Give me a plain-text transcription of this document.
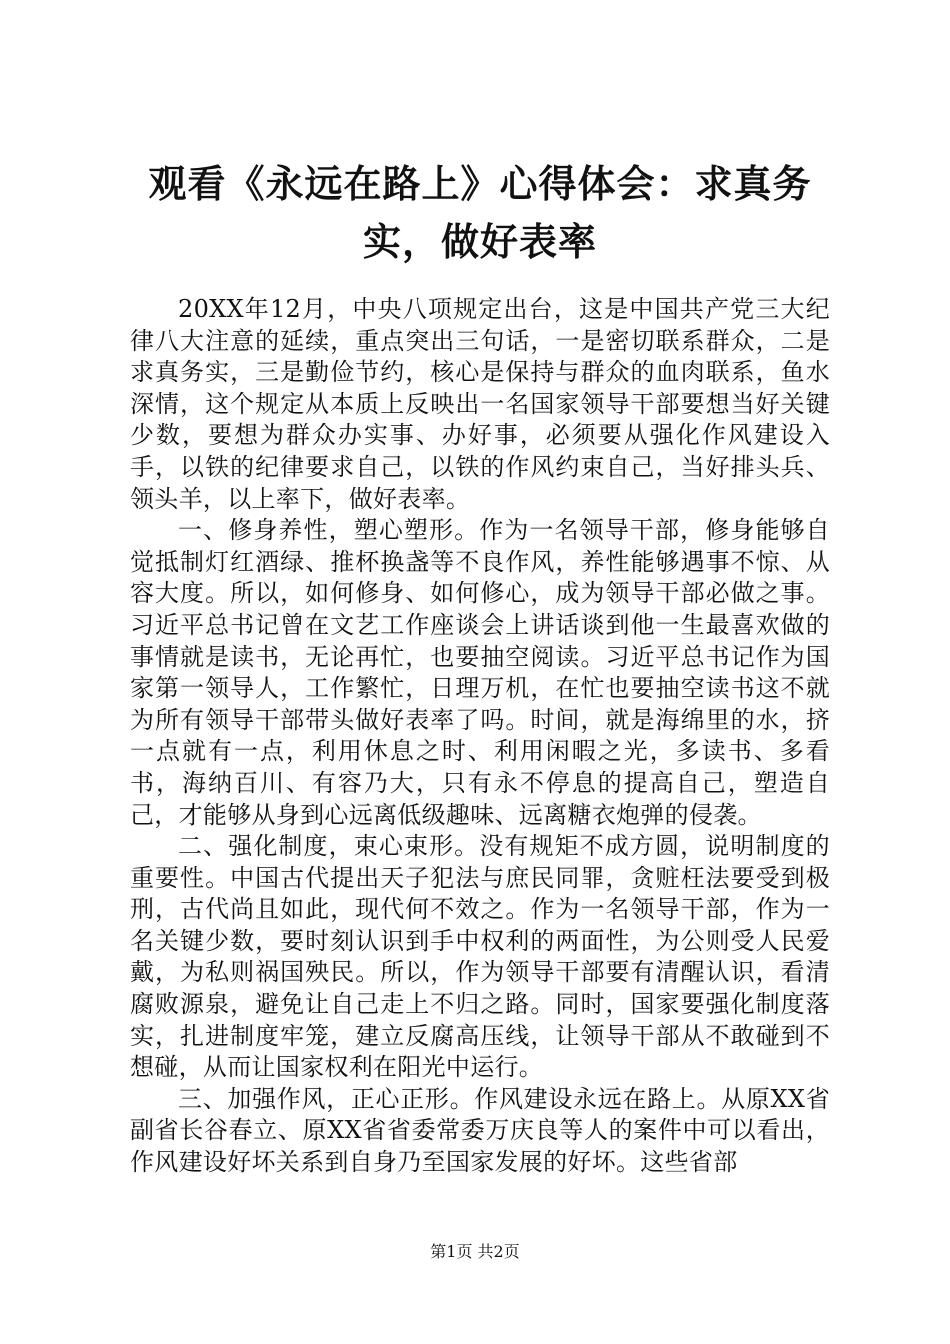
观看《永远在路上》心得体会：求真务实，做好表率

20XX年12月，中央八项规定出台，这是中国共产党三大纪律八大注意的延续，重点突出三句话，一是密切联系群众，二是求真务实，三是勤俭节约，核心是保持与群众的血肉联系，鱼水深情，这个规定从本质上反映出一名国家领导干部要想当好关键少数，要想为群众办实事、办好事，必须要从强化作风建设入手，以铁的纪律要求自己，以铁的作风约束自己，当好排头兵、领头羊，以上率下，做好表率。

一、修身养性，塑心塑形。作为一名领导干部，修身能够自觉抵制灯红酒绿、推杯换盏等不良作风，养性能够遇事不惊、从容大度。所以，如何修身、如何修心，成为领导干部必做之事。习近平总书记曾在文艺工作座谈会上讲话谈到他一生最喜欢做的事情就是读书，无论再忙，也要抽空阅读。习近平总书记作为国家第一领导人，工作繁忙，日理万机，在忙也要抽空读书这不就为所有领导干部带头做好表率了吗。时间，就是海绵里的水，挤一点就有一点，利用休息之时、利用闲暇之光，多读书、多看书，海纳百川、有容乃大，只有永不停息的提高自己，塑造自己，才能够从身到心远离低级趣味、远离糖衣炮弹的侵袭。

二、强化制度，束心束形。没有规矩不成方圆，说明制度的重要性。中国古代提出天子犯法与庶民同罪，贪赃枉法要受到极刑，古代尚且如此，现代何不效之。作为一名领导干部，作为一名关键少数，要时刻认识到手中权利的两面性，为公则受人民爱戴，为私则祸国殃民。所以，作为领导干部要有清醒认识，看清腐败源泉，避免让自己走上不归之路。同时，国家要强化制度落实，扎进制度牢笼，建立反腐高压线，让领导干部从不敢碰到不想碰，从而让国家权利在阳光中运行。

三、加强作风，正心正形。作风建设永远在路上。从原XX省副省长谷春立、原XX省省委常委万庆良等人的案件中可以看出，作风建设好坏关系到自身乃至国家发展的好坏。这些省部

第1页 共2页
